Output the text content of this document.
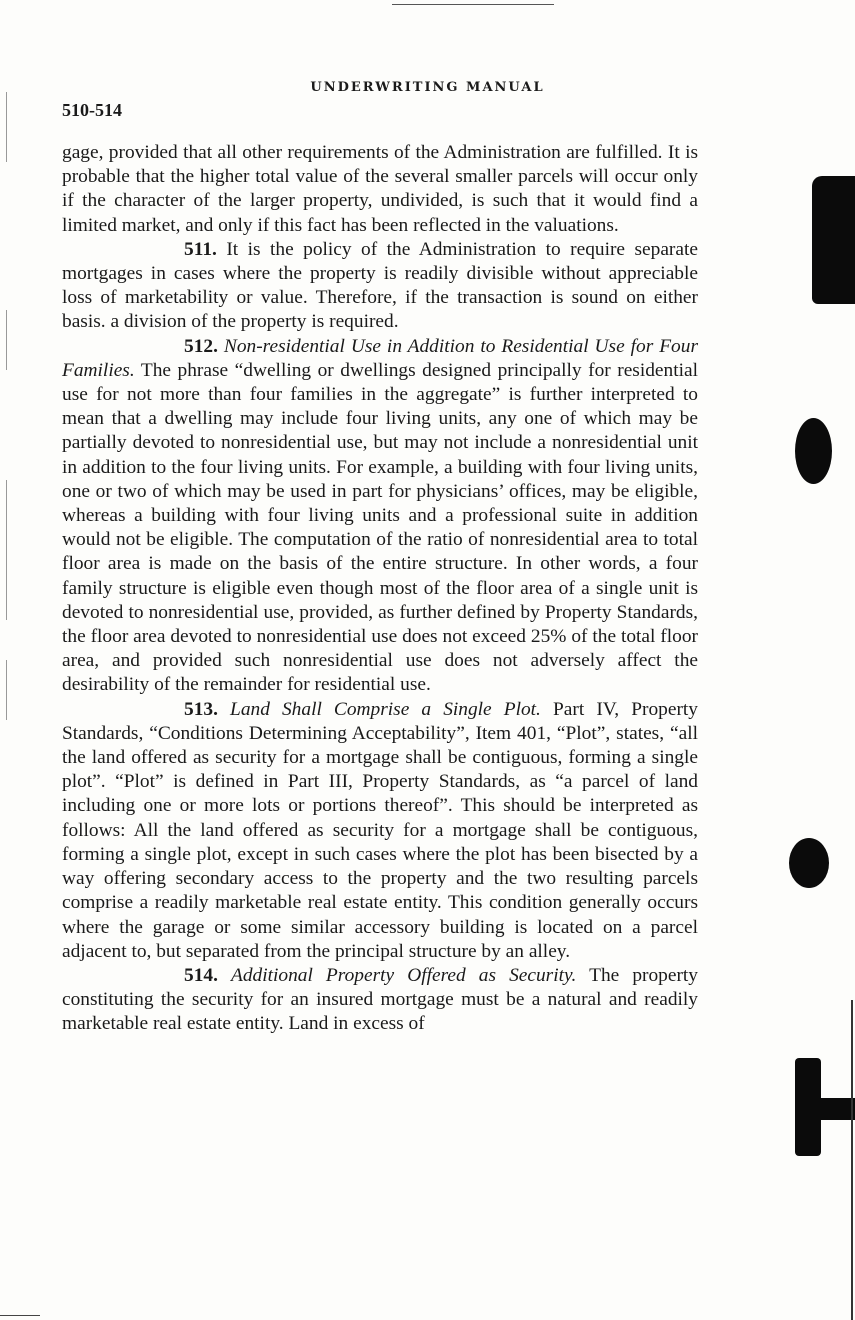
UNDERWRITING MANUAL
510-514

gage, provided that all other requirements of the Administration are fulfilled. It is probable that the higher total value of the several smaller parcels will occur only if the character of the larger property, undivided, is such that it would find a limited market, and only if this fact has been reflected in the valuations.

511. It is the policy of the Administration to require separate mortgages in cases where the property is readily divisible without appreciable loss of marketability or value. Therefore, if the transaction is sound on either basis. a division of the property is required.

512. Non-residential Use in Addition to Residential Use for Four Families. The phrase “dwelling or dwellings designed principally for residential use for not more than four families in the aggregate” is further interpreted to mean that a dwelling may include four living units, any one of which may be partially devoted to nonresidential use, but may not include a nonresidential unit in addition to the four living units. For example, a building with four living units, one or two of which may be used in part for physicians’ offices, may be eligible, whereas a building with four living units and a professional suite in addition would not be eligible. The computation of the ratio of nonresidential area to total floor area is made on the basis of the entire structure. In other words, a four family structure is eligible even though most of the floor area of a single unit is devoted to nonresidential use, provided, as further defined by Property Standards, the floor area devoted to nonresidential use does not exceed 25% of the total floor area, and provided such nonresidential use does not adversely affect the desirability of the remainder for residential use.

513. Land Shall Comprise a Single Plot. Part IV, Property Standards, “Conditions Determining Acceptability”, Item 401, “Plot”, states, “all the land offered as security for a mortgage shall be contiguous, forming a single plot”. “Plot” is defined in Part III, Property Standards, as “a parcel of land including one or more lots or portions thereof”. This should be interpreted as follows: All the land offered as security for a mortgage shall be contiguous, forming a single plot, except in such cases where the plot has been bisected by a way offering secondary access to the property and the two resulting parcels comprise a readily marketable real estate entity. This condition generally occurs where the garage or some similar accessory building is located on a parcel adjacent to, but separated from the principal structure by an alley.

514. Additional Property Offered as Security. The property constituting the security for an insured mortgage must be a natural and readily marketable real estate entity. Land in excess of
